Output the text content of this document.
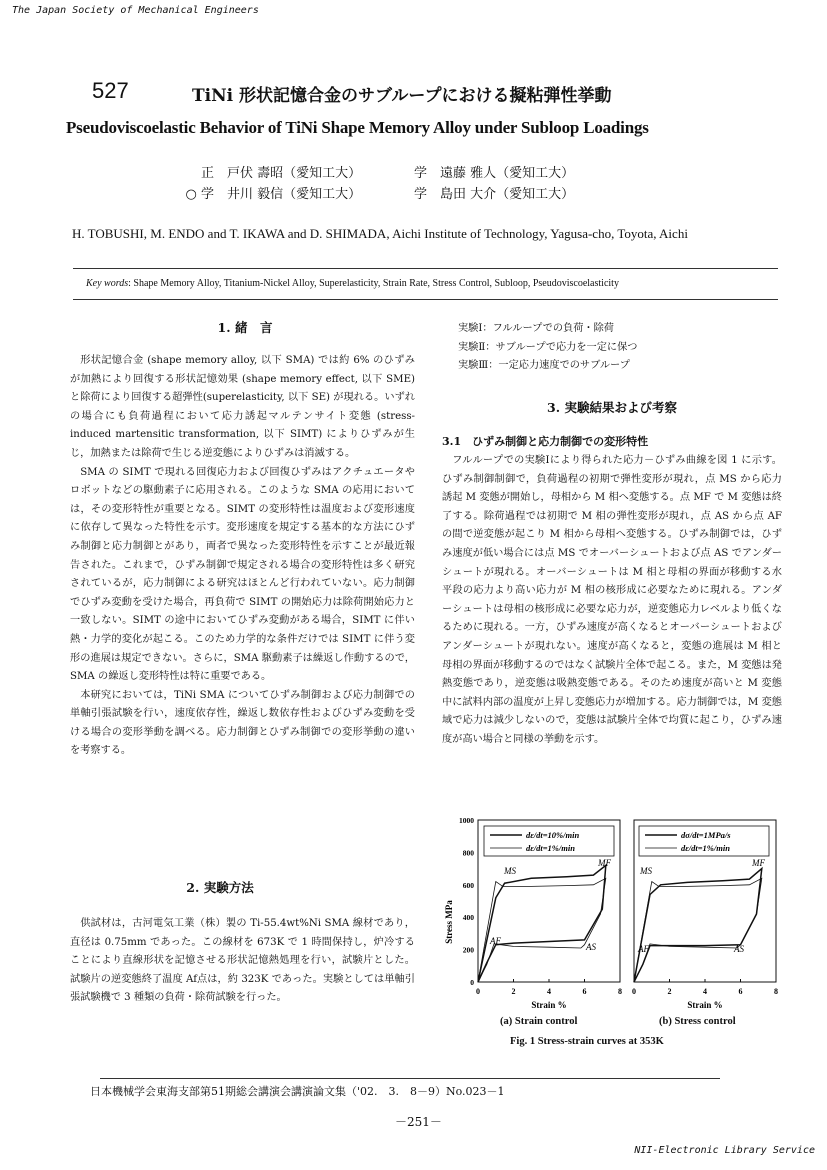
The Japan Society of Mechanical Engineers
NII-Electronic Library Service
527	TiNi 形状記憶合金のサブループにおける擬粘弾性挙動
Pseudoviscoelastic Behavior of TiNi Shape Memory Alloy under Subloop Loadings
正　 戸伏 壽昭（愛知工大）
○ 学　 井川 毅信（愛知工大）
学　 遠藤 雅人（愛知工大）
学　 島田 大介（愛知工大）
H. TOBUSHI, M. ENDO and T. IKAWA and D. SHIMADA, Aichi Institute of Technology, Yagusa-cho, Toyota, Aichi
Key words: Shape Memory Alloy, Titanium-Nickel Alloy, Superelasticity, Strain Rate, Stress Control, Subloop, Pseudoviscoelasticity
1. 緒　言

形状記憶合金 (shape memory alloy, 以下 SMA) では約 6% のひずみが加熱により回復する形状記憶効果 (shape memory effect, 以下 SME)と除荷により回復する超弾性(superelasticity, 以下 SE) が現れる。いずれの場合にも負荷過程において応力誘起マルテンサイト変態 (stress-induced martensitic transformation, 以下 SIMT) によりひずみが生じ，加熱または除荷で生じる逆変態によりひずみは消滅する。

SMA の SIMT で現れる回復応力および回復ひずみはアクチュエータやロボットなどの駆動素子に応用される。このような SMA の応用においては，その変形特性が重要となる。SIMT の変形特性は温度および変形速度に依存して異なった特性を示す。変形速度を規定する基本的な方法にひずみ制御と応力制御とがあり，両者で異なった変形特性を示すことが最近報告された。これまで，ひずみ制御で規定される場合の変形特性は多く研究されているが，応力制御による研究はほとんど行われていない。応力制御でひずみ変動を受けた場合，再負荷で SIMT の開始応力は除荷開始応力と一致しない。SIMT の途中においてひずみ変動がある場合，SIMT に伴い熱・力学的変化が起こる。このため力学的な条件だけでは SIMT に伴う変形の進展は規定できない。さらに，SMA 駆動素子は繰返し作動するので，SMA の繰返し変形特性は特に重要である。

本研究においては，TiNi SMA についてひずみ制御および応力制御での単軸引張試験を行い，速度依存性，繰返し数依存性およびひずみ変動を受ける場合の変形挙動を調べる。応力制御とひずみ制御での変形挙動の違いを考察する。

2. 実験方法

供試材は，古河電気工業（株）製の Ti-55.4wt%Ni SMA 線材であり，直径は 0.75mm であった。この線材を 673K で 1 時間保持し，炉冷することにより直線形状を記憶させる形状記憶熱処理を行い，試験片とした。試験片の逆変態終了温度 Af点は，約 323K であった。実験としては単軸引張試験機で 3 種類の負荷・除荷試験を行った。

実験Ⅰ：フルループでの負荷・除荷
実験Ⅱ：サブループで応力を一定に保つ
実験Ⅲ：一定応力速度でのサブループ
3. 実験結果および考察
3.1　ひずみ制御と応力制御での変形特性

フルループでの実験Ⅰにより得られた応力－ひずみ曲線を図 1 に示す。ひずみ制御制御で，負荷過程の初期で弾性変形が現れ，点 MS から応力誘起 M 変態が開始し，母相から M 相へ変態する。点 MF で M 変態は終了する。除荷過程では初期で M 相の弾性変形が現れ，点 AS から点 AF の間で逆変態が起こり M 相から母相へ変態する。ひずみ制御では，ひずみ速度が低い場合には点 MS でオーバーシュートおよび点 AS でアンダーシュートが現れる。オーバーシュートは M 相と母相の界面が移動する水平段の応力より高い応力が M 相の核形成に必要なために現れる。アンダーシュートは母相の核形成に必要な応力が，逆変態応力レベルより低くなるために現れる。一方，ひずみ速度が高くなるとオーバーシュートおよびアンダーシュートが現れない。速度が高くなると，変態の進展は M 相と母相の界面が移動するのではなく試験片全体で起こる。また，M 変態は発熱変態であり，逆変態は吸熱変態である。そのため速度が高いと M 変態中に試料内部の温度が上昇し変態応力が増加する。応力制御では，M 変態域で応力は減少しないので，変態は試験片全体で均質に起こり，ひずみ速度が高い場合と同様の挙動を示す。

Stress MPa
0
200
400
600
800
1000
dε/dt=10%/min
dε/dt=1%/min
MS
MF
AF
AS
0	2	4	6	8
dσ/dt=1MPa/s
dε/dt=1%/min
MS
MF
AF	AS
0	2	4	6	8
Strain %	Strain %
(a) Strain control	(b) Stress control
Fig. 1 Stress-strain curves at 353K
日本機械学会東海支部第51期総会講演会講演論文集（'02.　3.　8－9）No.023－1
－251－
